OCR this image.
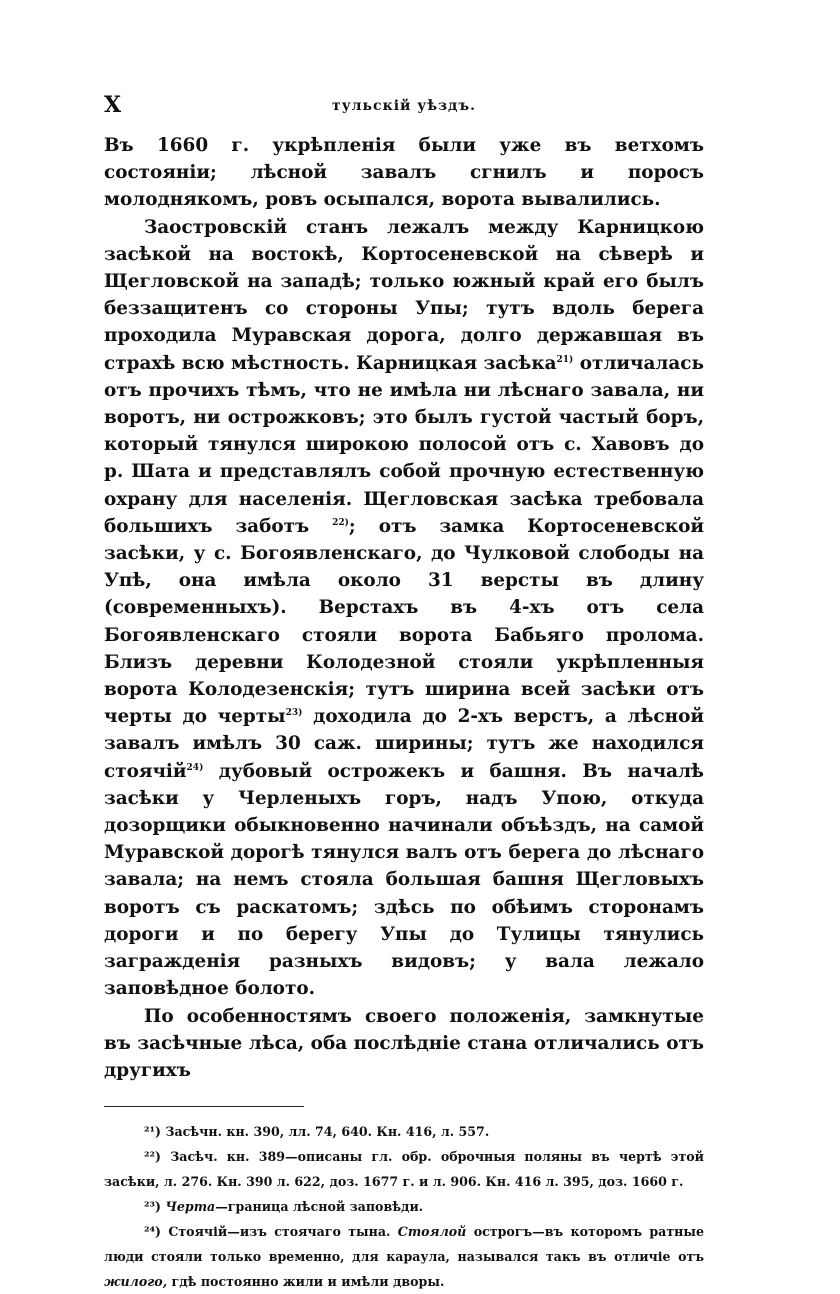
X	тульскій уѣздъ.

Въ 1660 г. укрѣпленія были уже въ ветхомъ состояніи; лѣсной завалъ сгнилъ и поросъ молоднякомъ, ровъ осыпался, ворота вывалились.

Заостровскій станъ лежалъ между Карницкою засѣкой на востокѣ, Кортосеневской на сѣверѣ и Щегловской на западѣ; только южный край его былъ беззащитенъ со стороны Упы; тутъ вдоль берега проходила Муравская дорога, долго державшая въ страхѣ всю мѣстность. Карницкая засѣка$^{21)}$ отличалась отъ прочихъ тѣмъ, что не имѣла ни лѣснаго завала, ни воротъ, ни острожковъ; это былъ густой частый боръ, который тянулся широкою полосой отъ с. Хавовъ до р. Шата и представлялъ собой прочную естественную охрану для населенія. Щегловская засѣка требовала большихъ заботъ	$^{22)}$; отъ замка Кортосеневской засѣки, у с. Богоявленскаго, до Чулковой слободы на Упѣ, она имѣла около 31 версты въ длину (современныхъ). Верстахъ въ 4-хъ отъ села Богоявленскаго стояли ворота Бабьяго пролома. Близъ деревни Колодезной стояли укрѣпленныя ворота Колодезенскія; тутъ ширина всей засѣки отъ черты до черты$^{23)}$ доходила до 2-хъ верстъ, а лѣсной завалъ имѣлъ 30 саж. ширины; тутъ же находился стоячій$^{24)}$ дубовый острожекъ и башня. Въ началѣ засѣки у Черленыхъ горъ, надъ Упою, откуда дозорщики обыкновенно начинали объѣздъ, на самой Муравской дорогѣ тянулся валъ отъ берега до лѣснаго завала; на немъ стояла большая башня Щегловыхъ воротъ съ раскатомъ; здѣсь по обѣимъ сторонамъ дороги и по берегу Упы до Тулицы тянулись загражденія разныхъ видовъ; у вала лежало заповѣдное болото.

По особенностямъ своего положенія, замкнутые въ засѣчные лѣса, оба послѣдніе стана отличались отъ другихъ

²¹) Засѣчн. кн. 390, лл. 74, 640. Кн. 416, л. 557.

²²) Засѣч. кн. 389—описаны гл. обр. оброчныя поляны въ чертѣ этой засѣки, л. 276. Кн. 390 л. 622, доз. 1677 г. и л. 906. Кн. 416 л. 395, доз. 1660 г.

²³) Черта—граница лѣсной заповѣди.

²⁴) Стоячій—изъ стоячаго тына. Стоялой острогъ—въ которомъ ратные люди стояли только временно, для караула, назывался такъ въ отличіе отъ жилого, гдѣ постоянно жили и имѣли дворы.
